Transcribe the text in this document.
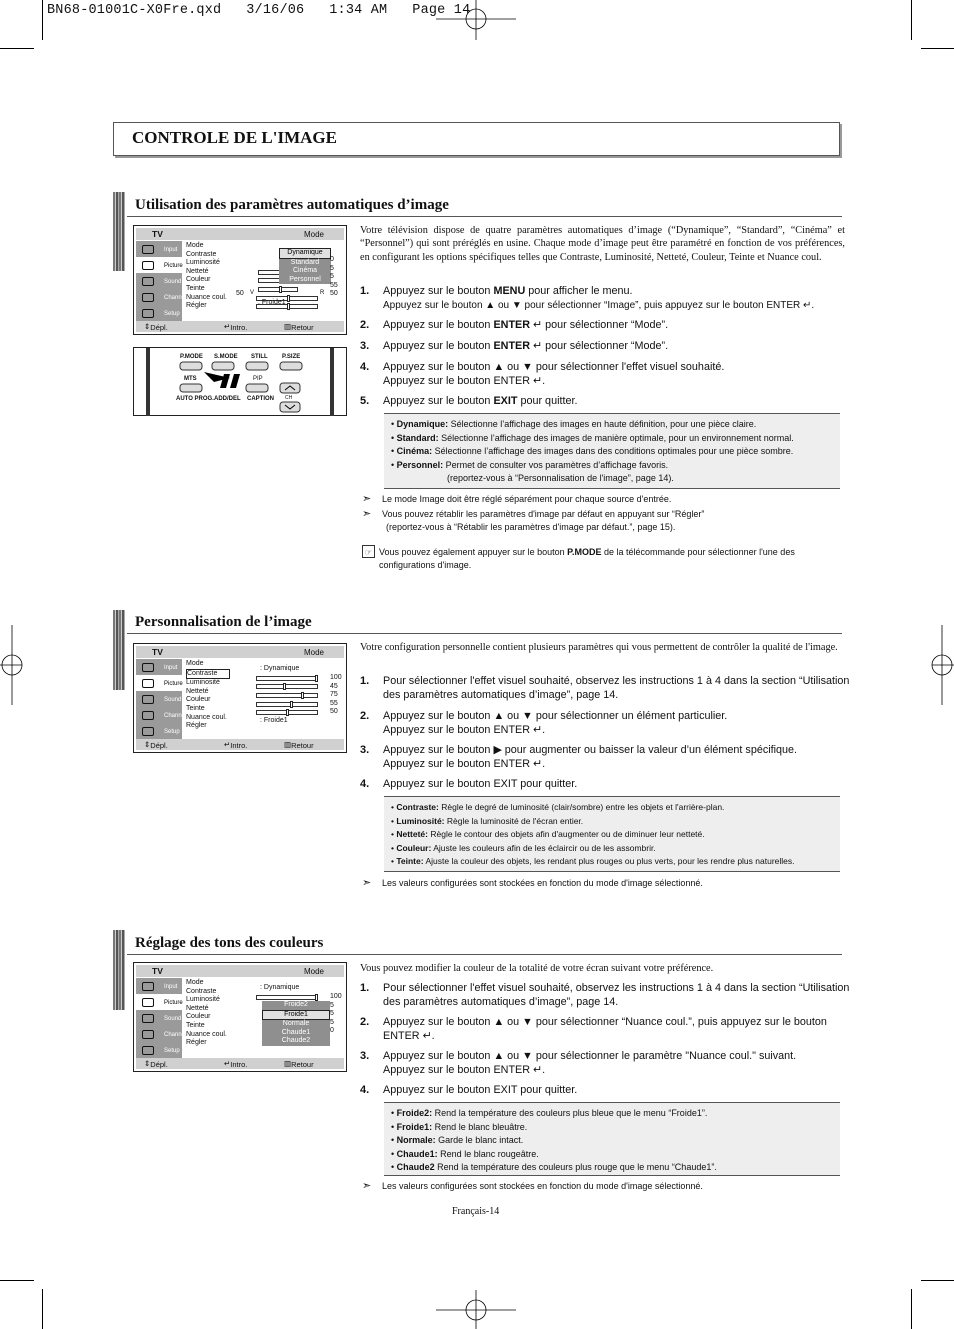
BN68-01001C-X0Fre.qxd 3/16/06 1:34 AM Page 14
CONTROLE DE L'IMAGE
Utilisation des paramètres automatiques d’image
TV	Mode
Input
Picture
Sound
Channel
Setup
Mode
Contraste
Luminosité
Netteté
Couleur
Teinte
Nuance coul.
Régler
Dynamique
Standard
Cinéma
Personnel
0
5
5
55
50
50 V	R
: Froide1
⇕ Dépl.	↵ Intro.	▥ Retour
P.MODE S.MODE STILL P.SIZE
MTS	PIP
AUTO PROG. ADD/DEL CAPTION CH
Votre télévision dispose de quatre paramètres automatiques d’image (“Dynamique”, “Standard”, “Cinéma” et “Personnel”) qui sont préréglés en usine. Chaque mode d’image peut être paramétré en fonction de vos préférences, en configurant les options spécifiques telles que Contraste, Luminosité, Netteté, Couleur, Teinte et Nuance coul.
1. Appuyez sur le bouton MENU pour afficher le menu.
Appuyez sur le bouton ▲ ou ▼ pour sélectionner “Image”, puis appuyez sur le bouton ENTER ↵.
2. Appuyez sur le bouton ENTER ↵ pour sélectionner “Mode”.
3. Appuyez sur le bouton ENTER ↵ pour sélectionner “Mode”.
4. Appuyez sur le bouton ▲ ou ▼ pour sélectionner l'effet visuel souhaité.
Appuyez sur le bouton ENTER ↵.
5. Appuyez sur le bouton EXIT pour quitter.
• Dynamique: Sélectionne l’affichage des images en haute définition, pour une pièce claire.
• Standard: Sélectionne l’affichage des images de manière optimale, pour un environnement normal.
• Cinéma: Sélectionne l’affichage des images dans des conditions optimales pour une pièce sombre.
• Personnel: Permet de consulter vos paramètres d’affichage favoris.

(reportez-vous à “Personnalisation de l'image”, page 14).

➣ Le mode Image doit être réglé séparément pour chaque source d'entrée.
➣ Vous pouvez rétablir les paramètres d'image par défaut en appuyant sur “Régler”
(reportez-vous à “Rétablir les paramètres d'image par défaut.”, page 15).
☞ Vous pouvez également appuyer sur le bouton P.MODE de la télécommande pour sélectionner l'une des
configurations d'image.
Personnalisation de l’image
TV	Mode
Input
Picture
Sound
Channel
Setup
Mode
Contraste
Luminosité
Netteté
Couleur
Teinte
Nuance coul.
Régler
: Dynamique
100
45
75
55
50
: Froide1
⇕ Dépl.	↵ Intro.	▥ Retour
Votre configuration personnelle contient plusieurs paramètres qui vous permettent de contrôler la qualité de l'image.
1. Pour sélectionner l'effet visuel souhaité, observez les instructions 1 à 4 dans la section “Utilisation des paramètres automatiques d’image”, page 14.
2. Appuyez sur le bouton ▲ ou ▼ pour sélectionner un élément particulier.
Appuyez sur le bouton ENTER ↵.
3. Appuyez sur le bouton ▶ pour augmenter ou baisser la valeur d’un élément spécifique.
Appuyez sur le bouton ENTER ↵.
4. Appuyez sur le bouton EXIT pour quitter.
• Contraste: Règle le degré de luminosité (clair/sombre) entre les objets et l'arrière-plan.
• Luminosité: Règle la luminosité de l'écran entier.
• Netteté: Règle le contour des objets afin d'augmenter ou de diminuer leur netteté.
• Couleur: Ajuste les couleurs afin de les éclaircir ou de les assombrir.
• Teinte: Ajuste la couleur des objets, les rendant plus rouges ou plus verts, pour les rendre plus naturelles.
➣ Les valeurs configurées sont stockées en fonction du mode d'image sélectionné.
Réglage des tons des couleurs
TV	Mode
Input
Picture
Sound
Channel
Setup
Mode
Contraste
Luminosité
Netteté
Couleur
Teinte
Nuance coul.
Régler
: Dynamique
100
5
5
5
0
Froide2
Froide1
Normale
Chaude1
Chaude2
⇕ Dépl.	↵ Intro.	▥ Retour
Vous pouvez modifier la couleur de la totalité de votre écran suivant votre préférence.
1. Pour sélectionner l'effet visuel souhaité, observez les instructions 1 à 4 dans la section “Utilisation des paramètres automatiques d’image”, page 14.
2. Appuyez sur le bouton ▲ ou ▼ pour sélectionner “Nuance coul.”, puis appuyez sur le bouton ENTER ↵.
3. Appuyez sur le bouton ▲ ou ▼ pour sélectionner le paramètre "Nuance coul." suivant.
Appuyez sur le bouton ENTER ↵.
4. Appuyez sur le bouton EXIT pour quitter.
• Froide2: Rend la température des couleurs plus bleue que le menu “Froide1”.
• Froide1: Rend le blanc bleuâtre.
• Normale: Garde le blanc intact.
• Chaude1: Rend le blanc rougeâtre.
• Chaude2 Rend la température des couleurs plus rouge que le menu “Chaude1”.
➣ Les valeurs configurées sont stockées en fonction du mode d'image sélectionné.
Français-14
